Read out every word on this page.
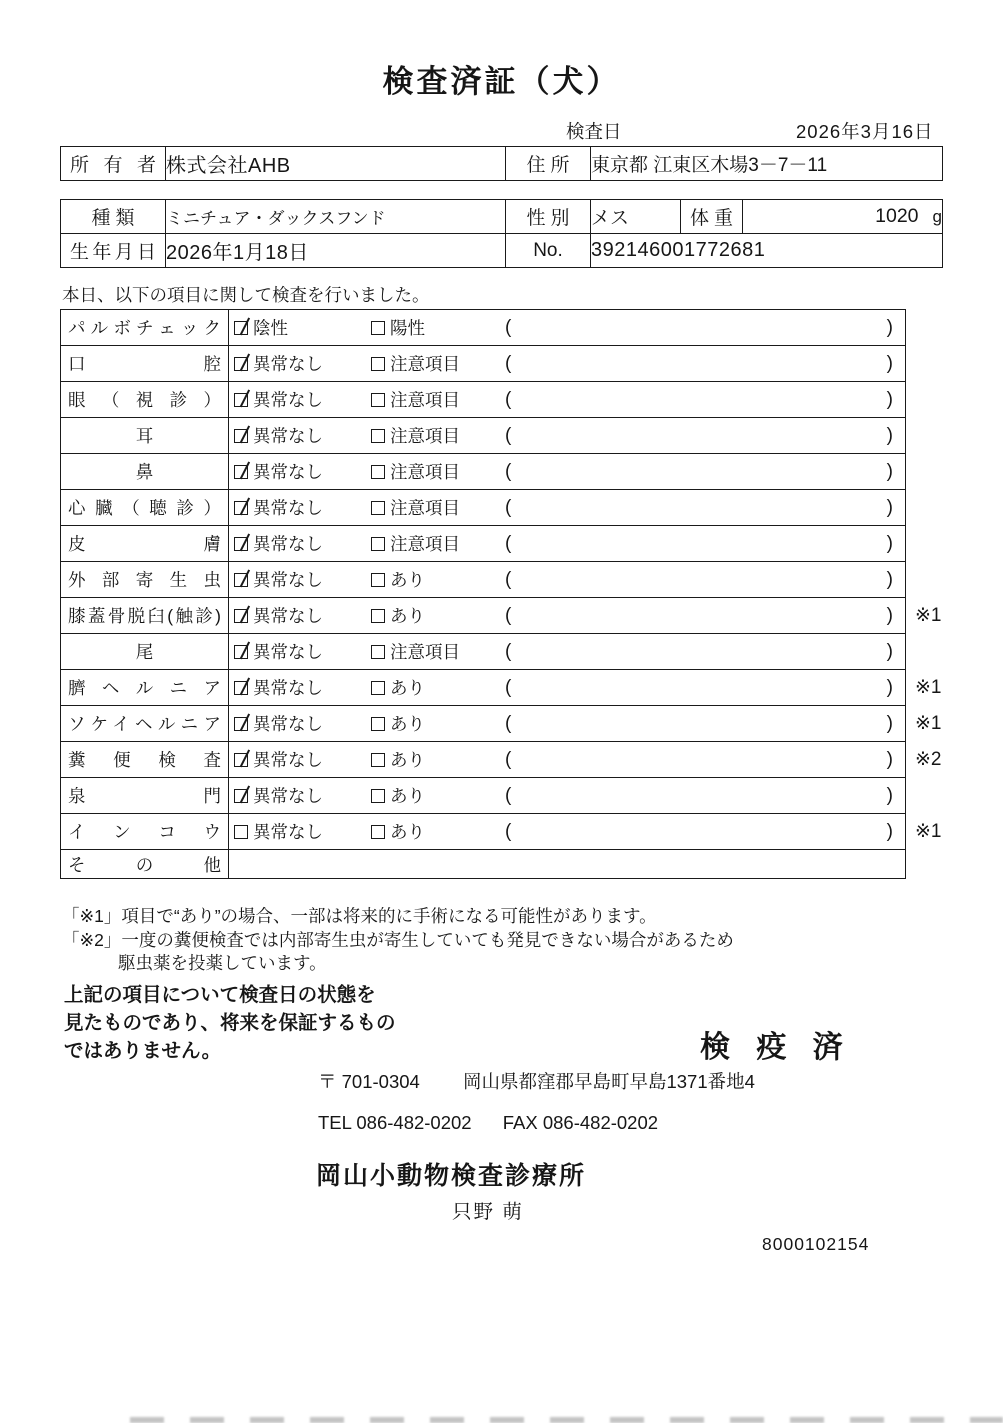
検査済証（犬）
検査日	2026年3月16日
所有者	株式会社AHB	住所	東京都 江東区木場3－7－11
種類	ミニチュア・ダックスフンド	性別	メス	体重	1020 g

生年月日	2026年1月18日	No.	392146001772681		
本日、以下の項目に関して検査を行いました。
パルボチェック	陰性 陽性 ( )	

口腔	異常なし 注意項目 ( )	

眼（視診）	異常なし 注意項目 ( )	

耳	異常なし 注意項目 ( )	

鼻	異常なし 注意項目 ( )	

心臓（聴診）	異常なし 注意項目 ( )	

皮膚	異常なし 注意項目 ( )	

外部寄生虫	異常なし あり ( )	

膝蓋骨脱臼(触診)	異常なし あり ( )	※1
尾	異常なし 注意項目 ( )	

臍ヘルニア	異常なし あり ( )	※1
ソケイヘルニア	異常なし あり ( )	※1
糞便検査	異常なし あり ( )	※2
泉門	異常なし あり ( )	

インコウ	異常なし あり ( )	※1
その他	

「※1」項目で“あり”の場合、一部は将来的に手術になる可能性があります。
「※2」一度の糞便検査では内部寄生虫が寄生していても発見できない場合があるため
駆虫薬を投薬しています。
上記の項目について検査日の状態を
見たものであり、将来を保証するもの
ではありません。	検 疫 済
〒 701-0304 岡山県都窪郡早島町早島1371番地4
TEL 086-482-0202 FAX 086-482-0202
岡山小動物検査診療所
只野 萌
8000102154
